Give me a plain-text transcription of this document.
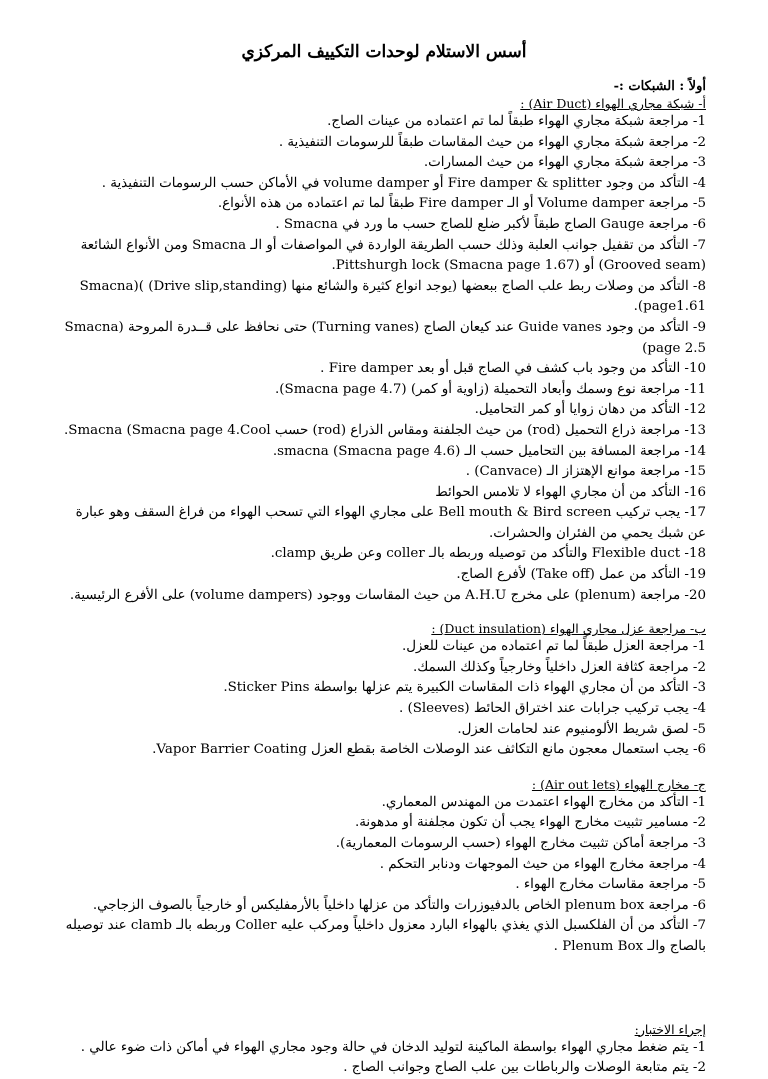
أسس الاستلام لوحدات التكييف المركزي

أولاً : الشبكات :-

أ- شبكة مجاري الهواء (Air Duct) :

1- مراجعة شبكة مجاري الهواء طبقاً لما تم اعتماده من عينات الصاج.
2- مراجعة شبكة مجاري الهواء من حيث المقاسات طبقاً للرسومات التنفيذية .
3- مراجعة شبكة مجاري الهواء من حيث المسارات.
4- التأكد من وجود Fire damper & splitter أو volume damper في الأماكن حسب الرسومات التنفيذية .
5- مراجعة Volume damper أو الـ Fire damper طبقاً لما تم اعتماده من هذه الأنواع.
6- مراجعة Gauge الصاج طبقاً لأكبر ضلع للصاج حسب ما ورد في Smacna .
7- التأكد من تقفيل جوانب العلبة وذلك حسب الطريقة الواردة في المواصفات أو الـ Smacna ومن الأنواع الشائعة (Grooved seam) أو Pittshurgh lock (Smacna page 1.67).
8- التأكد من وصلات ربط علب الصاج ببعضها (يوجد انواع كثيرة والشائع منها (Drive slip,standing) )(Smacna page1.61).
9- التأكد من وجود Guide vanes عند كيعان الصاج (Turning vanes) حتى نحافظ على قــدرة المروحة (Smacna page 2.5)
10- التأكد من وجود باب كشف في الصاج قبل أو بعد Fire damper .
11- مراجعة نوع وسمك وأبعاد التحميلة (زاوية أو كمر) (Smacna page 4.7).
12- التأكد من دهان زوايا أو كمر التحاميل.
13- مراجعة ذراع التحميل (rod) من حيث الجلفنة ومقاس الذراع (rod) حسب Smacna (Smacna page 4.Cool.
14- مراجعة المسافة بين التحاميل حسب الـ smacna (Smacna page 4.6).
15- مراجعة موانع الإهتزاز الـ (Canvace) .
16- التأكد من أن مجاري الهواء لا تلامس الحوائط
17- يجب تركيب Bell mouth & Bird screen على مجاري الهواء التي تسحب الهواء من فراغ السقف وهو عبارة عن شبك يحمي من الفئران والحشرات.
18- Flexible duct والتأكد من توصيله وربطه بالـ coller وعن طريق clamp.
19- التأكد من عمل (Take off) لأفرع الصاج.
20- مراجعة (plenum) على مخرج A.H.U من حيث المقاسات ووجود (volume dampers) على الأفرع الرئيسية.

ب- مراجعة عزل مجاري الهواء (Duct insulation) :

1- مراجعة العزل طبقاً لما تم اعتماده من عينات للعزل.
2- مراجعة كثافة العزل داخلياً وخارجياً وكذلك السمك.
3- التأكد من أن مجاري الهواء ذات المقاسات الكبيرة يتم عزلها بواسطة Sticker Pins.
4- يجب تركيب جرابات عند اختراق الحائط (Sleeves) .
5- لصق شريط الألومنيوم عند لحامات العزل.
6- يجب استعمال معجون مانع التكاثف عند الوصلات الخاصة بقطع العزل Vapor Barrier Coating.

ج- مخارج الهواء (Air out lets) :

1- التأكد من مخارج الهواء اعتمدت من المهندس المعماري.
2- مسامير تثبيت مخارج الهواء يجب أن تكون مجلفنة أو مدهونة.
3- مراجعة أماكن تثبيت مخارج الهواء (حسب الرسومات المعمارية).
4- مراجعة مخارج الهواء من حيث الموجهات ودنابر التحكم .
5- مراجعة مقاسات مخارج الهواء .
6- مراجعة plenum box الخاص بالدفيوزرات والتأكد من عزلها داخلياً بالأرمفليكس أو خارجياً بالصوف الزجاجي.
7- التأكد من أن الفلكسبل الذي يغذي بالهواء البارد معزول داخلياً ومركب عليه Coller وربطه بالـ clamb عند توصيله بالصاج والـ Plenum Box .

إجراء الاختبار:

1- يتم ضغط مجاري الهواء بواسطة الماكينة لتوليد الدخان في حالة وجود مجاري الهواء في أماكن ذات ضوء عالي .
2- يتم متابعة الوصلات والرباطات بين علب الصاج وجوانب الصاج .
